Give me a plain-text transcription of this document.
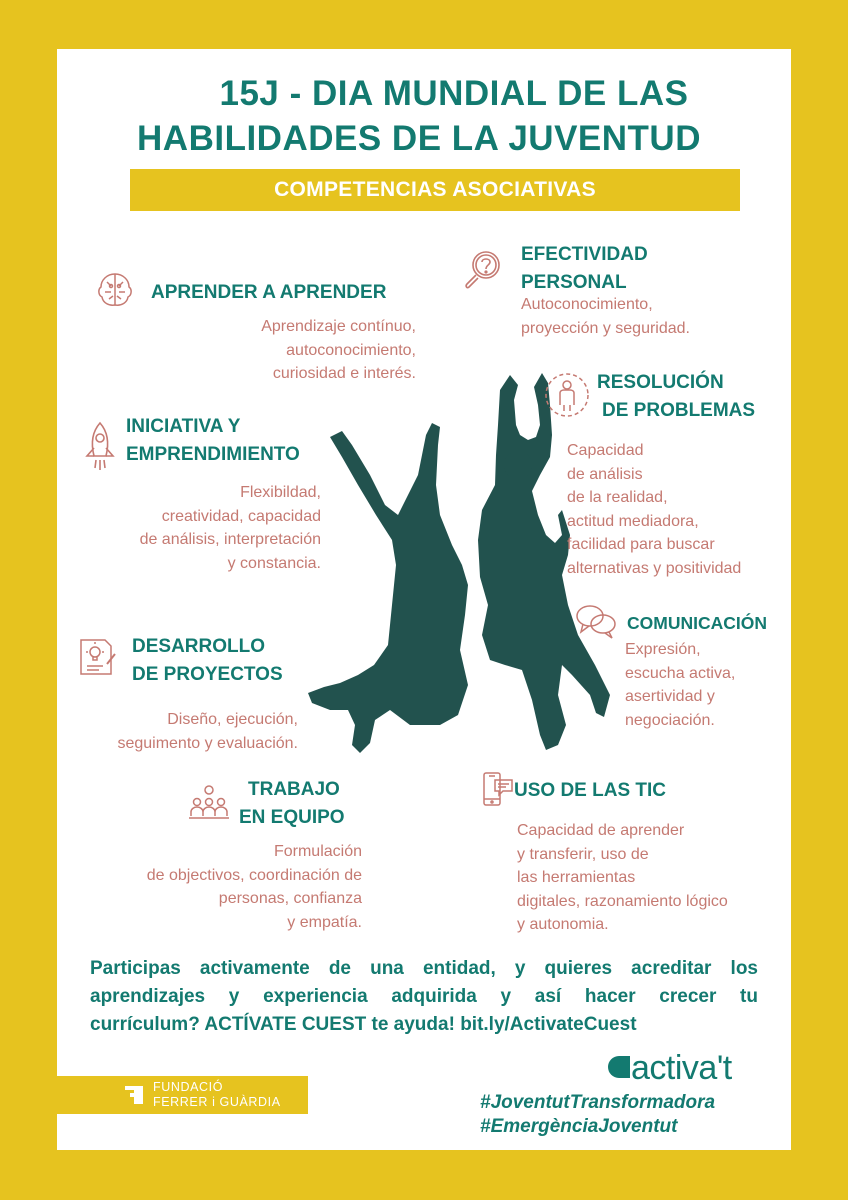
15J - DIA MUNDIAL DE LAS
HABILIDADES DE LA JUVENTUD
COMPETENCIAS ASOCIATIVAS
APRENDER A APRENDER
Aprendizaje contínuo,
autoconocimiento,
curiosidad e interés.
EFECTIVIDAD
PERSONAL
Autoconocimiento,
proyección y seguridad.
INICIATIVA Y
EMPRENDIMIENTO
Flexibildad,
creatividad, capacidad
de análisis, interpretación
y constancia.
RESOLUCIÓN
DE PROBLEMAS
Capacidad
de análisis
de la realidad,
actitud mediadora,
facilidad para buscar
alternativas y positividad
DESARROLLO
DE PROYECTOS
Diseño, ejecución,
seguimento y evaluación.
COMUNICACIÓN
Expresión,
escucha activa,
asertividad y
negociación.
TRABAJO
EN EQUIPO
Formulación
de objectivos, coordinación de
personas, confianza
y empatía.
USO DE LAS TIC
Capacidad de aprender
y transferir, uso de
las herramientas
digitales, razonamiento lógico
y autonomia.
Participas activamente de una entidad, y quieres acreditar los
aprendizajes y experiencia adquirida y así hacer crecer tu
currículum? ACTÍVATE CUEST te ayuda! bit.ly/ActivateCuest
FUNDACIÓ
FERRER i GUÀRDIA
activa't
#JoventutTransformadora
#EmergènciaJoventut
